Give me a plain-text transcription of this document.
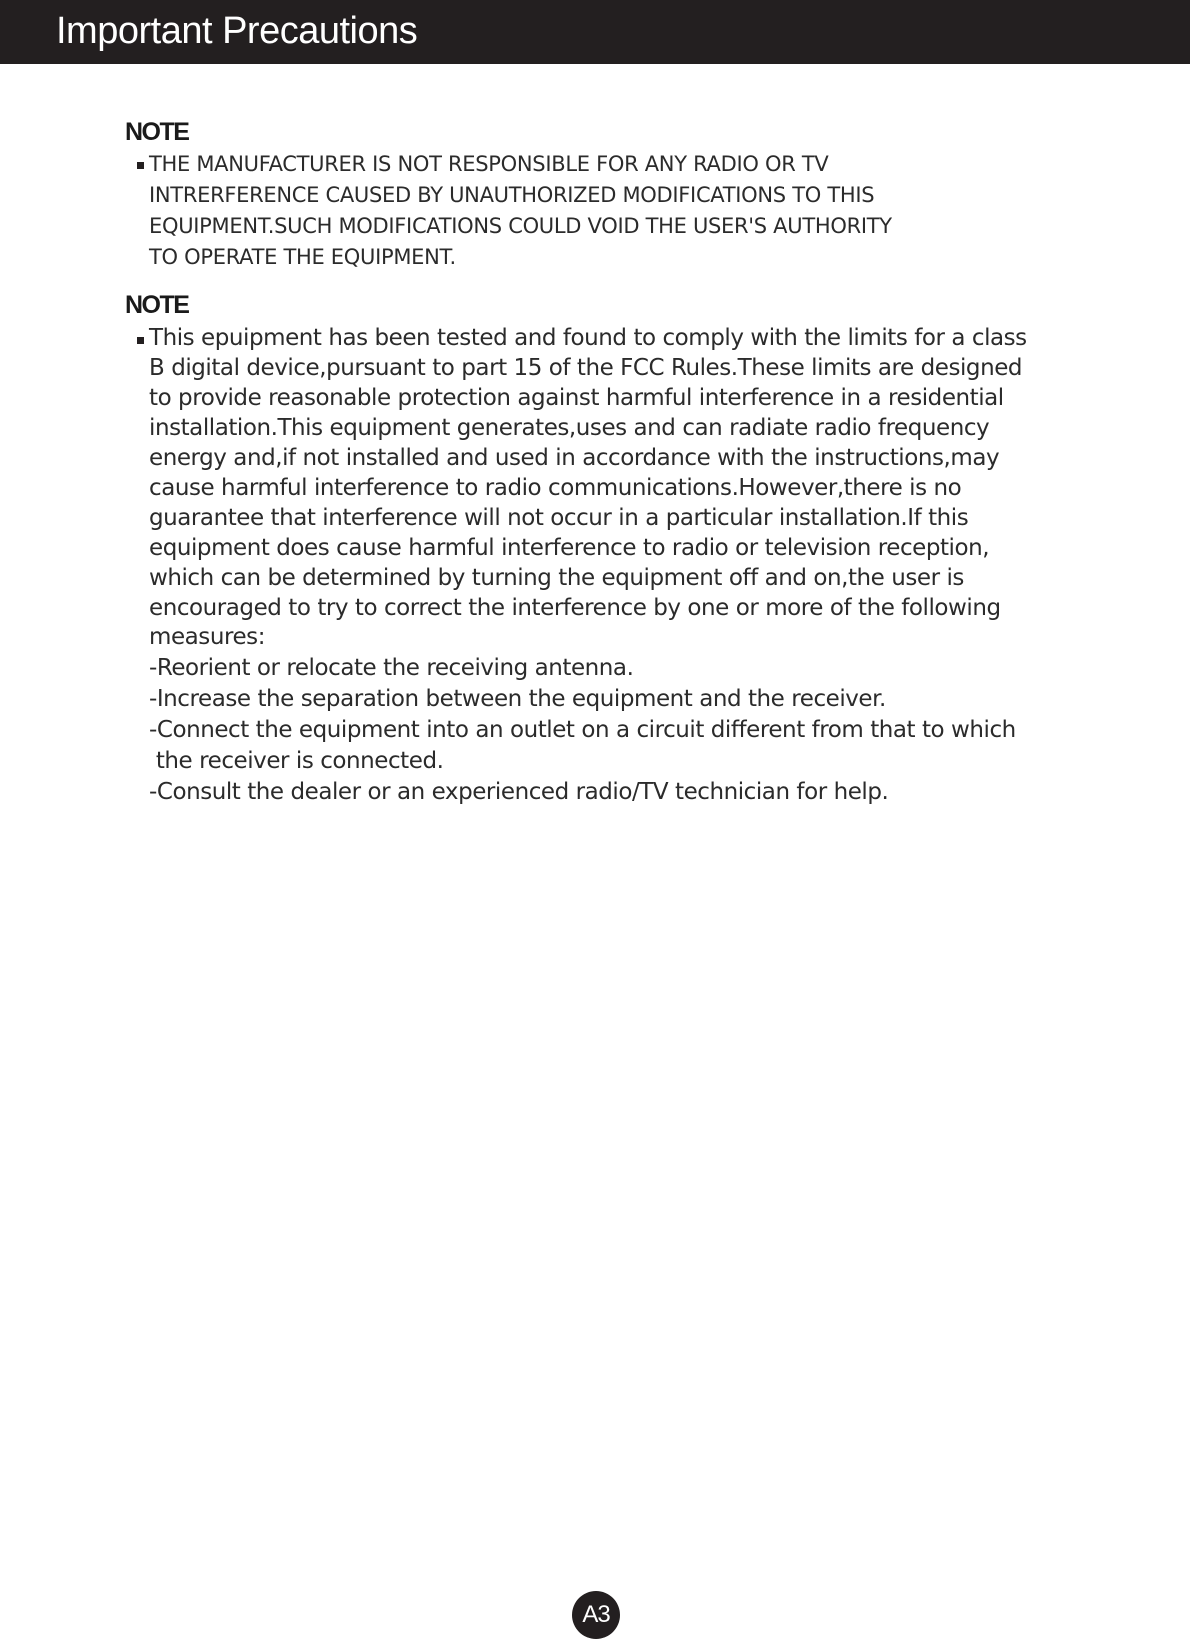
Important Precautions
NOTE
THE MANUFACTURER IS NOT RESPONSIBLE FOR ANY RADIO OR TV
INTRERFERENCE CAUSED BY UNAUTHORIZED MODIFICATIONS TO THIS
EQUIPMENT.SUCH MODIFICATIONS COULD VOID THE USER'S AUTHORITY
TO OPERATE THE EQUIPMENT.
NOTE
This epuipment has been tested and found to comply with the limits for a class
B digital device,pursuant to part 15 of the FCC Rules.These limits are designed
to provide reasonable protection against harmful interference in a residential
installation.This equipment generates,uses and can radiate radio frequency
energy and,if not installed and used in accordance with the instructions,may
cause harmful interference to radio communications.However,there is no
guarantee that interference will not occur in a particular installation.If this
equipment does cause harmful interference to radio or television reception,
which can be determined by turning the equipment off and on,the user is
encouraged to try to correct the interference by one or more of the following
measures:
-Reorient or relocate the receiving antenna.
-Increase the separation between the equipment and the receiver.
-Connect the equipment into an outlet on a circuit different from that to which
the receiver is connected.
-Consult the dealer or an experienced radio/TV technician for help.
A3
